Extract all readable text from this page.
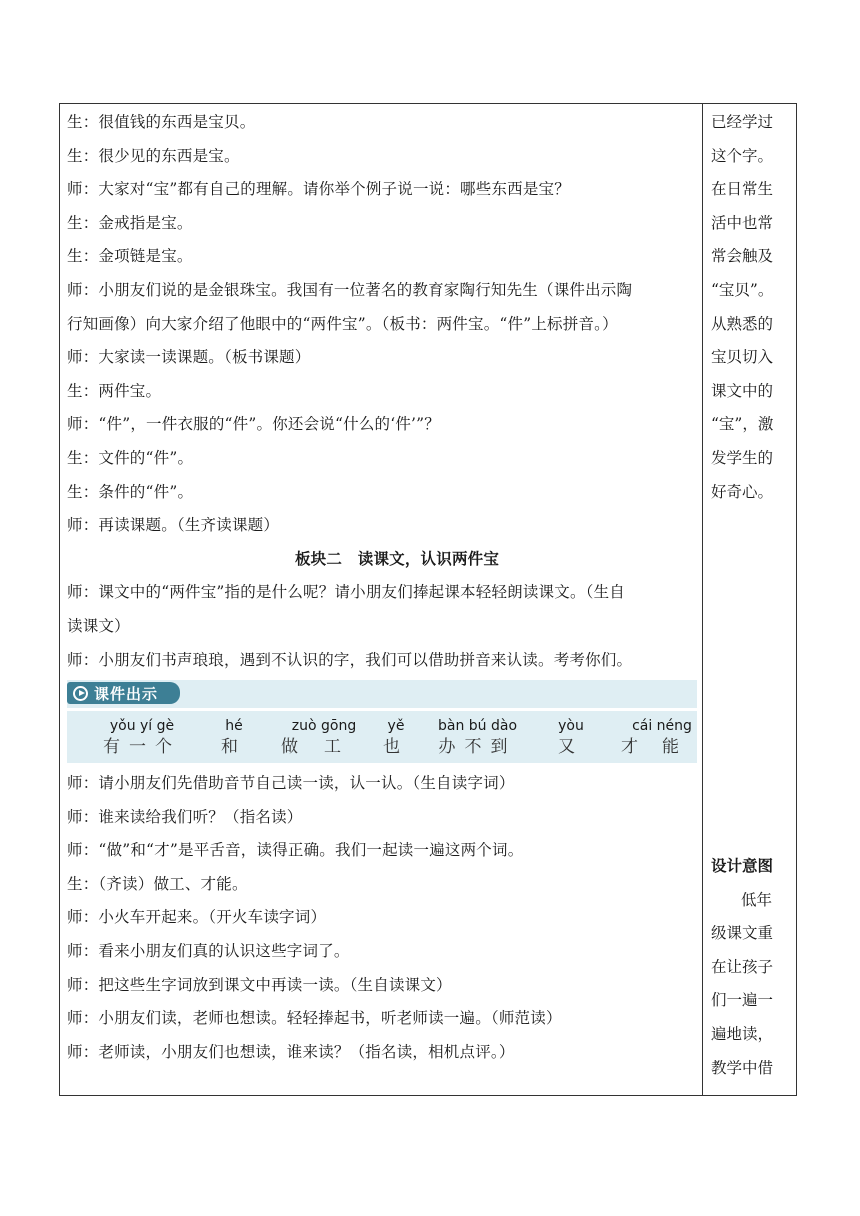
生：很值钱的东西是宝贝。
生：很少见的东西是宝。
师：大家对“宝”都有自己的理解。请你举个例子说一说：哪些东西是宝？
生：金戒指是宝。
生：金项链是宝。
师：小朋友们说的是金银珠宝。我国有一位著名的教育家陶行知先生（课件出示陶
行知画像）向大家介绍了他眼中的“两件宝”。（板书：两件宝。“件”上标拼音。）
师：大家读一读课题。（板书课题）
生：两件宝。
师：“件”，一件衣服的“件”。你还会说“什么的‘件’”？
生：文件的“件”。
生：条件的“件”。
师：再读课题。（生齐读课题）
板块二　读课文，认识两件宝
师：课文中的“两件宝”指的是什么呢？请小朋友们捧起课本轻轻朗读课文。（生自
读课文）
师：小朋友们书声琅琅，遇到不认识的字，我们可以借助拼音来认读。考考你们。
课件出示
yǒu yí gè
有一个
hé
和
zuò gōng
做工
yě
也
bàn bú dào
办不到
yòu
又
cái néng
才能
师：请小朋友们先借助音节自己读一读，认一认。（生自读字词）
师：谁来读给我们听？（指名读）
师：“做”和“才”是平舌音，读得正确。我们一起读一遍这两个词。
生：（齐读）做工、才能。
师：小火车开起来。（开火车读字词）
师：看来小朋友们真的认识这些字词了。
师：把这些生字词放到课文中再读一读。（生自读课文）
师：小朋友们读，老师也想读。轻轻捧起书，听老师读一遍。（师范读）
师：老师读，小朋友们也想读，谁来读？（指名读，相机点评。）
已经学过
这个字。
在日常生
活中也常
常会触及
“宝贝”。
从熟悉的
宝贝切入
课文中的
“宝”，激
发学生的
好奇心。
设计意图
低年
级课文重
在让孩子
们一遍一
遍地读，
教学中借
